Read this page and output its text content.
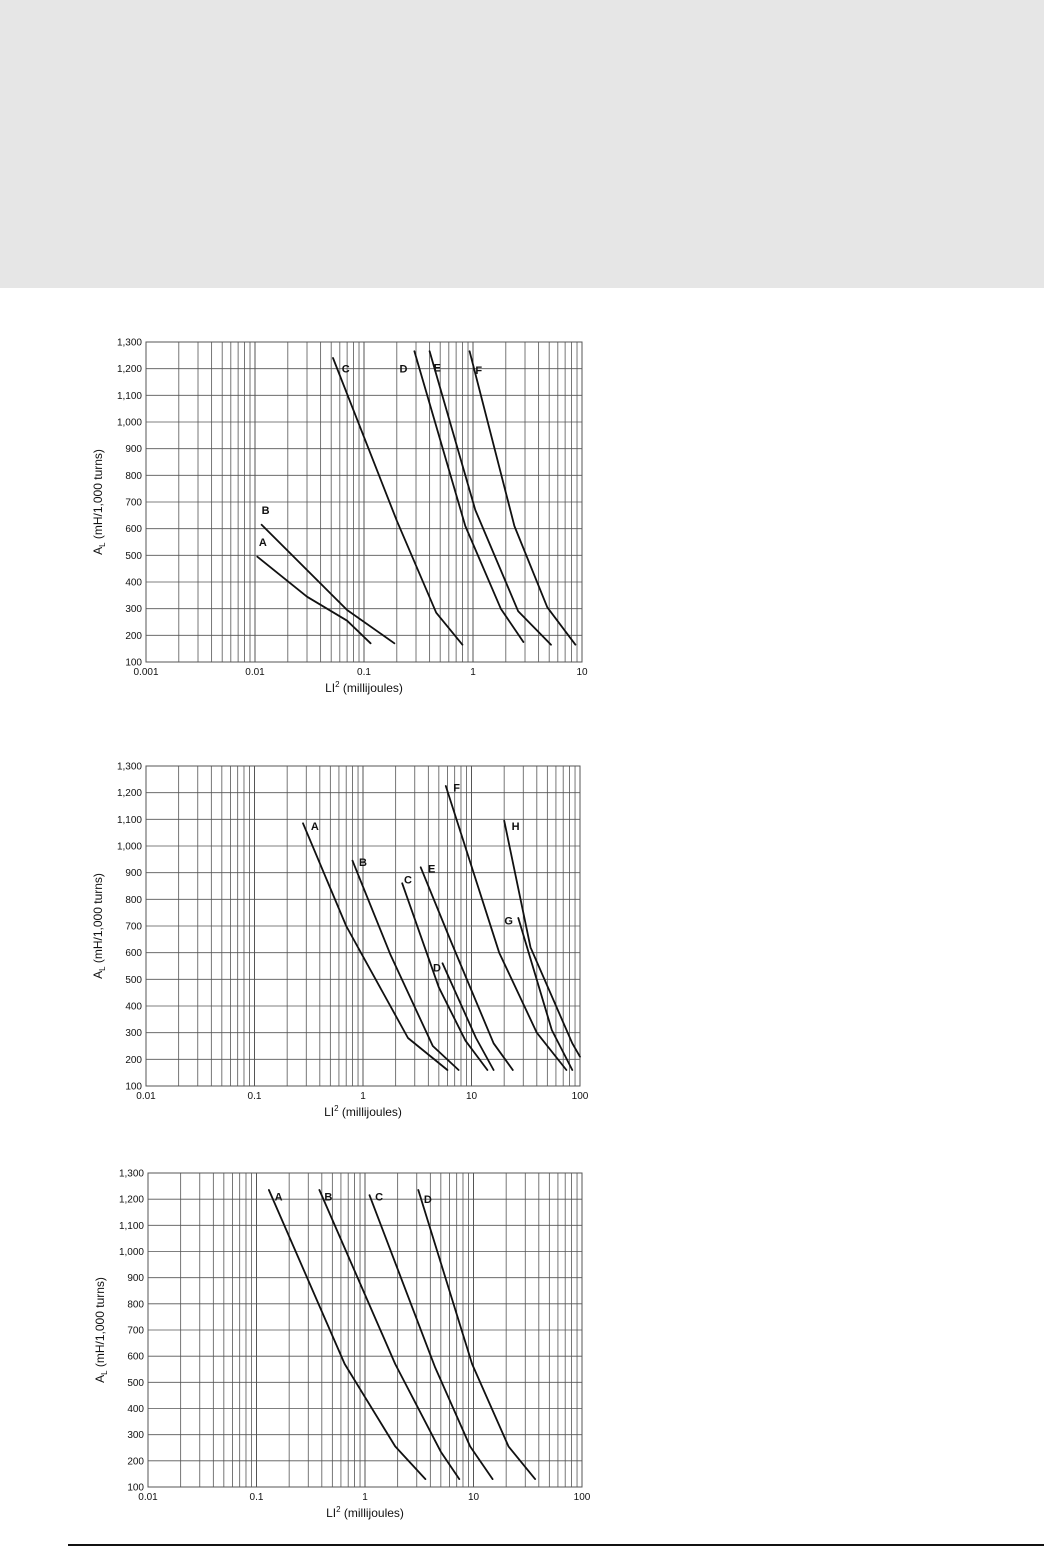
100
200
300
400
500
600
700
800
900
1,000
1,100
1,200
1,300
0.001	0.01	0.1	1	10
$LI^2$ (millijoules)
$A_L$ (mH/1,000 turns)
A
B
C	D E	F
100
200
300
400
500
600
700
800
900
1,000
1,100
1,200
1,300
0.01	0.1	1	10	100
$LI^2$ (millijoules)
$A_L$ (mH/1,000 turns)
A
B
C
D
E
F
G
H
100
200
300
400
500
600
700
800
900
1,000
1,100
1,200
1,300
0.01	0.1	1	10	100
$LI^2$ (millijoules)
$A_L$ (mH/1,000 turns)
A	B	C	D
